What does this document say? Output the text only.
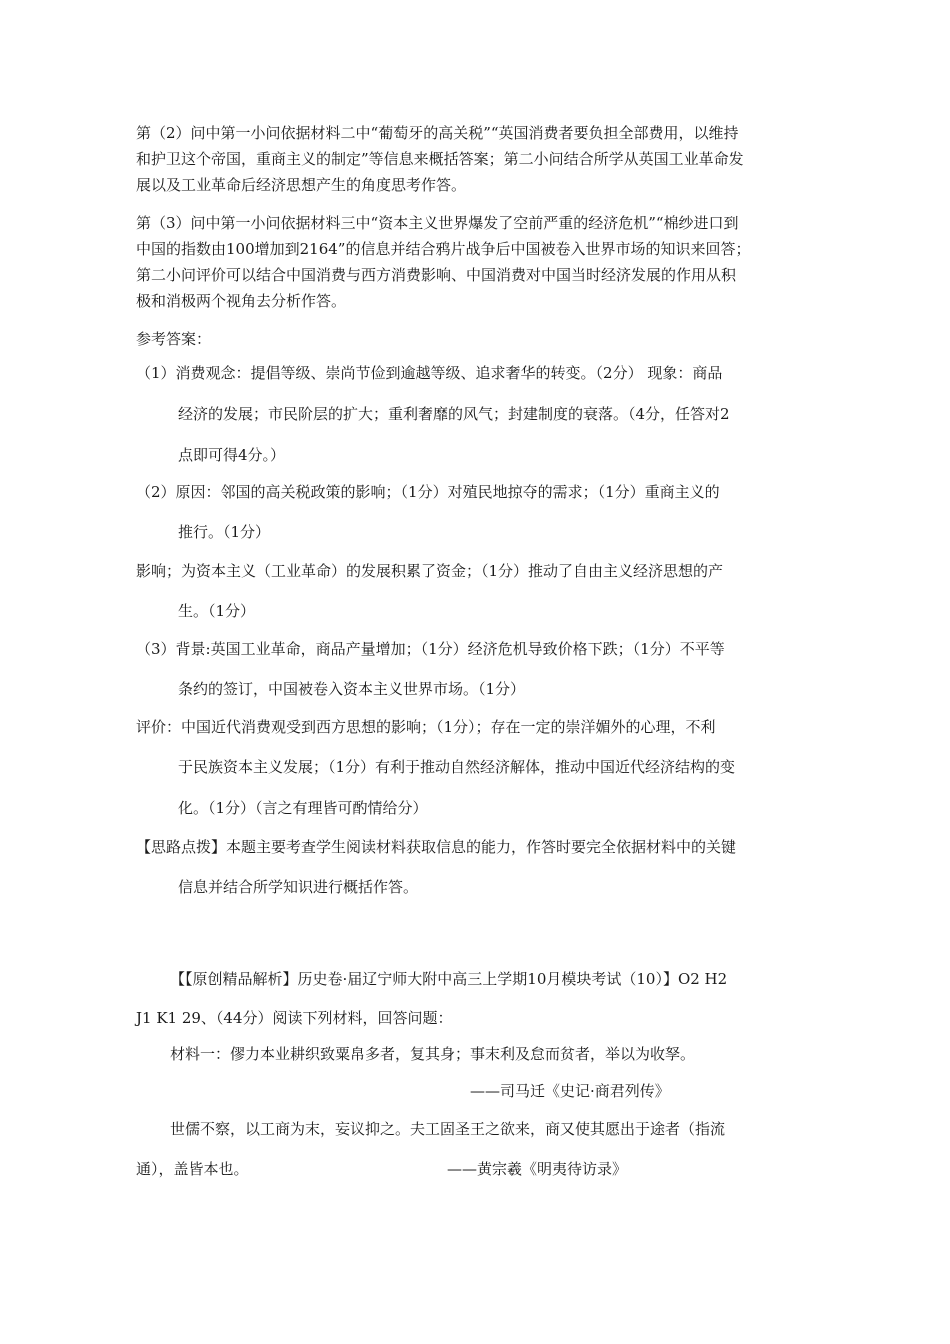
第（2）问中第一小问依据材料二中“葡萄牙的高关税”“英国消费者要负担全部费用，以维持
和护卫这个帝国，重商主义的制定”等信息来概括答案；第二小问结合所学从英国工业革命发
展以及工业革命后经济思想产生的角度思考作答。
第（3）问中第一小问依据材料三中“资本主义世界爆发了空前严重的经济危机”“棉纱进口到
中国的指数由100增加到2164”的信息并结合鸦片战争后中国被卷入世界市场的知识来回答；
第二小问评价可以结合中国消费与西方消费影响、中国消费对中国当时经济发展的作用从积
极和消极两个视角去分析作答。
参考答案：
（1）消费观念：提倡等级、崇尚节俭到逾越等级、追求奢华的转变。（2分） 现象：商品
经济的发展；市民阶层的扩大；重利奢靡的风气；封建制度的衰落。（4分，任答对2
点即可得4分。）
（2）原因：邻国的高关税政策的影响；（1分）对殖民地掠夺的需求；（1分）重商主义的
推行。（1分）
影响；为资本主义（工业革命）的发展积累了资金；（1分）推动了自由主义经济思想的产
生。（1分）
（3）背景:英国工业革命，商品产量增加；（1分）经济危机导致价格下跌；（1分）不平等
条约的签订，中国被卷入资本主义世界市场。（1分）
评价：中国近代消费观受到西方思想的影响；（1分）；存在一定的崇洋媚外的心理，不利
于民族资本主义发展；（1分）有利于推动自然经济解体，推动中国近代经济结构的变
化。（1分）（言之有理皆可酌情给分）
【思路点拨】本题主要考查学生阅读材料获取信息的能力，作答时要完全依据材料中的关键
信息并结合所学知识进行概括作答。
【【原创精品解析】历史卷·届辽宁师大附中高三上学期10月模块考试（10）】O2 H2
J1 K1 29、（44分）阅读下列材料，回答问题：
材料一：僇力本业耕织致粟帛多者，复其身；事末利及怠而贫者，举以为收孥。
——司马迁《史记·商君列传》
世儒不察，以工商为末，妄议抑之。夫工固圣王之欲来，商又使其愿出于途者（指流
通），盖皆本也。	——黄宗羲《明夷待访录》
